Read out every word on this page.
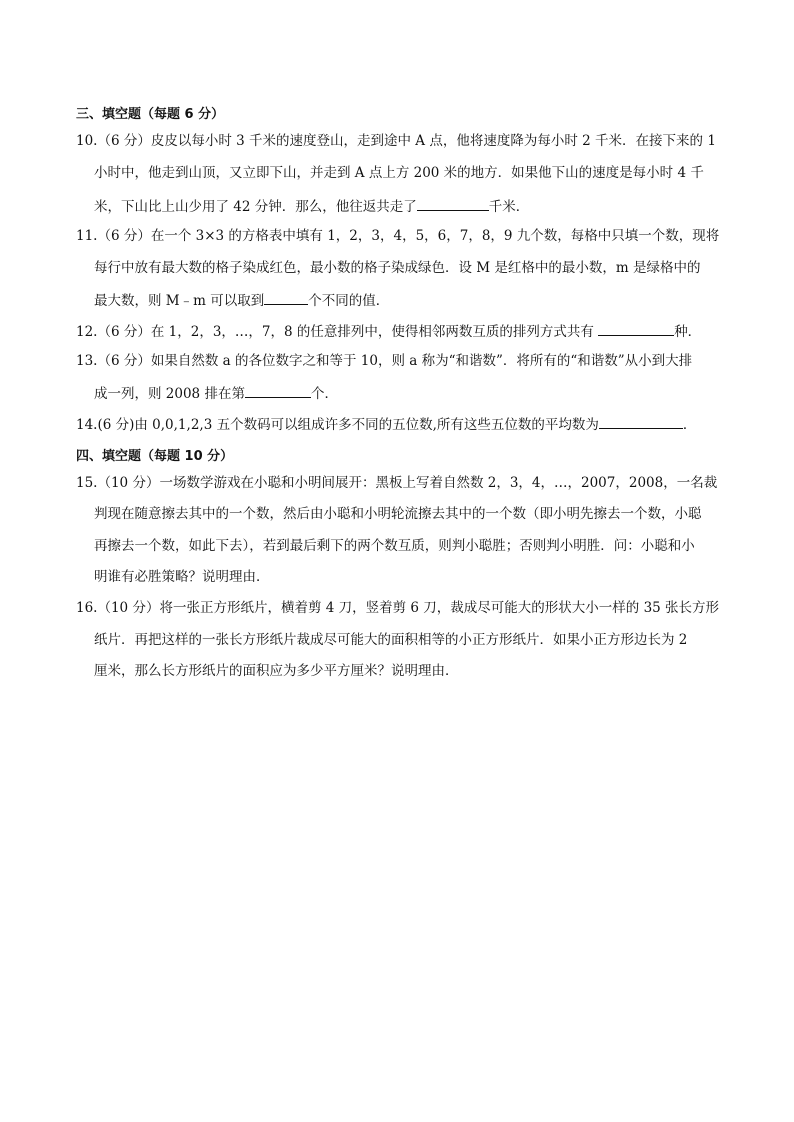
三、填空题（每题 6 分）
10.（6 分）皮皮以每小时 3 千米的速度登山，走到途中 A 点，他将速度降为每小时 2 千米．在接下来的 1
小时中，他走到山顶，又立即下山，并走到 A 点上方 200 米的地方．如果他下山的速度是每小时 4 千
米，下山比上山少用了 42 分钟．那么，他往返共走了	千米．
11.（6 分）在一个 3×3 的方格表中填有 1，2，3，4，5，6，7，8，9 九个数，每格中只填一个数，现将
每行中放有最大数的格子染成红色，最小数的格子染成绿色．设 M 是红格中的最小数，m 是绿格中的
最大数，则 M﹣m 可以取到	个不同的值．
12.（6 分）在 1，2，3，…，7，8 的任意排列中，使得相邻两数互质的排列方式共有	种．
13.（6 分）如果自然数 a 的各位数字之和等于 10，则 a 称为“和谐数”．将所有的“和谐数”从小到大排
成一列，则 2008 排在第	个．
14.(6 分)由 0,0,1,2,3 五个数码可以组成许多不同的五位数,所有这些五位数的平均数为	．
四、填空题（每题 10 分）
15.（10 分）一场数学游戏在小聪和小明间展开：黑板上写着自然数 2，3，4，…，2007，2008，一名裁
判现在随意擦去其中的一个数，然后由小聪和小明轮流擦去其中的一个数（即小明先擦去一个数，小聪
再擦去一个数，如此下去），若到最后剩下的两个数互质，则判小聪胜；否则判小明胜．问：小聪和小
明谁有必胜策略？说明理由．
16.（10 分）将一张正方形纸片，横着剪 4 刀，竖着剪 6 刀，裁成尽可能大的形状大小一样的 35 张长方形
纸片．再把这样的一张长方形纸片裁成尽可能大的面积相等的小正方形纸片．如果小正方形边长为 2
厘米，那么长方形纸片的面积应为多少平方厘米？说明理由．
